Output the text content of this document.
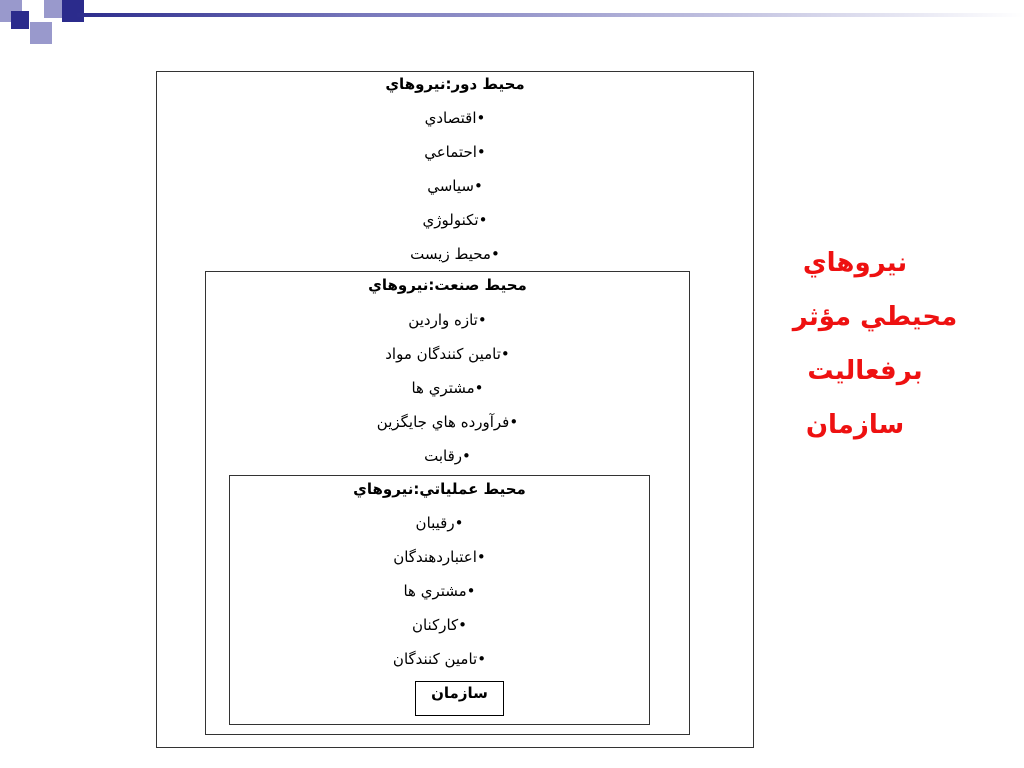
محيط دور:نيروهاي
•اقتصادي
•احتماعي
•سياسي
•تكنولوژي
•محيط زيست
محيط صنعت:نيروهاي
•تازه واردين
•تامين كنندگان مواد
•مشتري ها
•فرآورده هاي جايگزين
•رقابت
محيط عملياتي:نيروهاي
•رقيبان
•اعتباردهندگان
•مشتري ها
•كاركنان
•تامين كنندگان
سازمان
نيروهاي
محيطي مؤثر
برفعاليت
سازمان
